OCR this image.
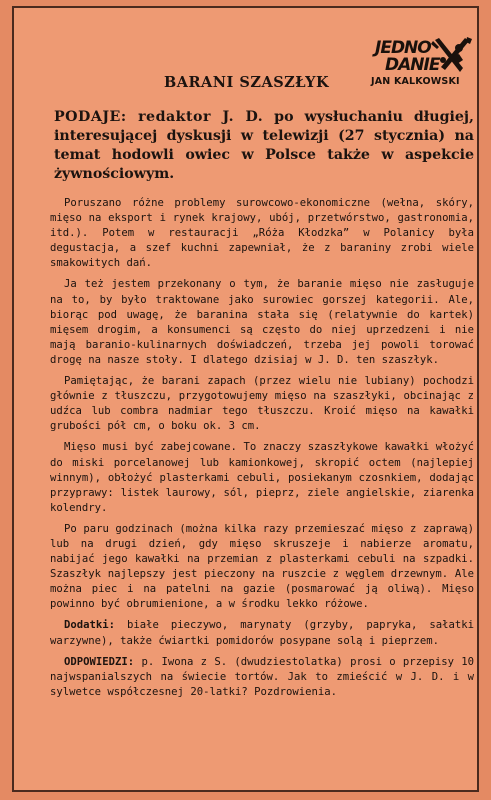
JEDNO
DANIE
JAN KALKOWSKI
BARANI SZASZŁYK
PODAJE: redaktor J. D. po wysłuchaniu długiej, interesującej dyskusji w telewizji (27 stycznia) na temat hodowli owiec w Polsce także w aspekcie żywnościowym.

Poruszano różne problemy surowcowo-ekonomiczne (wełna, skóry, mięso na eksport i rynek krajowy, ubój, przetwórstwo, gastronomia, itd.). Potem w restauracji „Róża Kłodzka” w Polanicy była degustacja, a szef kuchni zapewniał, że z baraniny zrobi wiele smakowitych dań.

Ja też jestem przekonany o tym, że baranie mięso nie zasługuje na to, by było traktowane jako surowiec gorszej kategorii. Ale, biorąc pod uwagę, że baranina stała się (relatywnie do kartek) mięsem drogim, a konsumenci są często do niej uprzedzeni i nie mają baranio-kulinarnych doświadczeń, trzeba jej powoli torować drogę na nasze stoły. I dlatego dzisiaj w J. D. ten szaszłyk.

Pamiętając, że barani zapach (przez wielu nie lubiany) pochodzi głównie z tłuszczu, przygotowujemy mięso na szaszłyki, obcinając z udźca lub combra nadmiar tego tłuszczu. Kroić mięso na kawałki grubości pół cm, o boku ok. 3 cm.

Mięso musi być zabejcowane. To znaczy szaszłykowe kawałki włożyć do miski porcelanowej lub kamionkowej, skropić octem (najlepiej winnym), obłożyć plasterkami cebuli, posiekanym czosnkiem, dodając przyprawy: listek laurowy, sól, pieprz, ziele angielskie, ziarenka kolendry.

Po paru godzinach (można kilka razy przemieszać mięso z zaprawą) lub na drugi dzień, gdy mięso skruszeje i nabierze aromatu, nabijać jego kawałki na przemian z plasterkami cebuli na szpadki. Szaszłyk najlepszy jest pieczony na ruszcie z węglem drzewnym. Ale można piec i na patelni na gazie (posmarować ją oliwą). Mięso powinno być obrumienione, a w środku lekko różowe.

Dodatki: białe pieczywo, marynaty (grzyby, papryka, sałatki warzywne), także ćwiartki pomidorów posypane solą i pieprzem.

ODPOWIEDZI: p. Iwona z S. (dwudziestolatka) prosi o przepisy 10 najwspanialszych na świecie tortów. Jak to zmieścić w J. D. i w sylwetce współczesnej 20-latki? Pozdrowienia.
